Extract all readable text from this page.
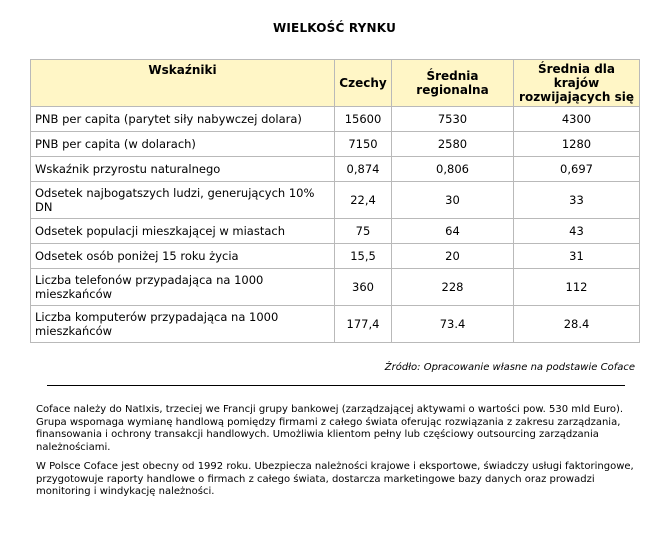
WIELKOŚĆ RYNKU
Wskaźniki	Czechy	Średnia regionalna	Średnia dla krajów rozwijających się
PNB per capita (parytet siły nabywczej dolara)	15600	7530	4300
PNB per capita (w dolarach)	7150	2580	1280
Wskaźnik przyrostu naturalnego	0,874	0,806	0,697
Odsetek najbogatszych ludzi, generujących 10% DN	22,4	30	33
Odsetek populacji mieszkającej w miastach	75	64	43
Odsetek osób poniżej 15 roku życia	15,5	20	31
Liczba telefonów przypadająca na 1000 mieszkańców	360	228	112
Liczba komputerów przypadająca na 1000 mieszkańców	177,4	73.4	28.4
Źródło: Opracowanie własne na podstawie Coface
Coface należy do NatIxis, trzeciej we Francji grupy bankowej (zarządzającej aktywami o wartości pow. 530 mld Euro). Grupa wspomaga wymianę handlową pomiędzy firmami z całego świata oferując rozwiązania z zakresu zarządzania, finansowania i ochrony transakcji handlowych. Umożliwia klientom pełny lub częściowy outsourcing zarządzania należnościami.
W Polsce Coface jest obecny od 1992 roku. Ubezpiecza należności krajowe i eksportowe, świadczy usługi faktoringowe, przygotowuje raporty handlowe o firmach z całego świata, dostarcza marketingowe bazy danych oraz prowadzi monitoring i windykację należności.
